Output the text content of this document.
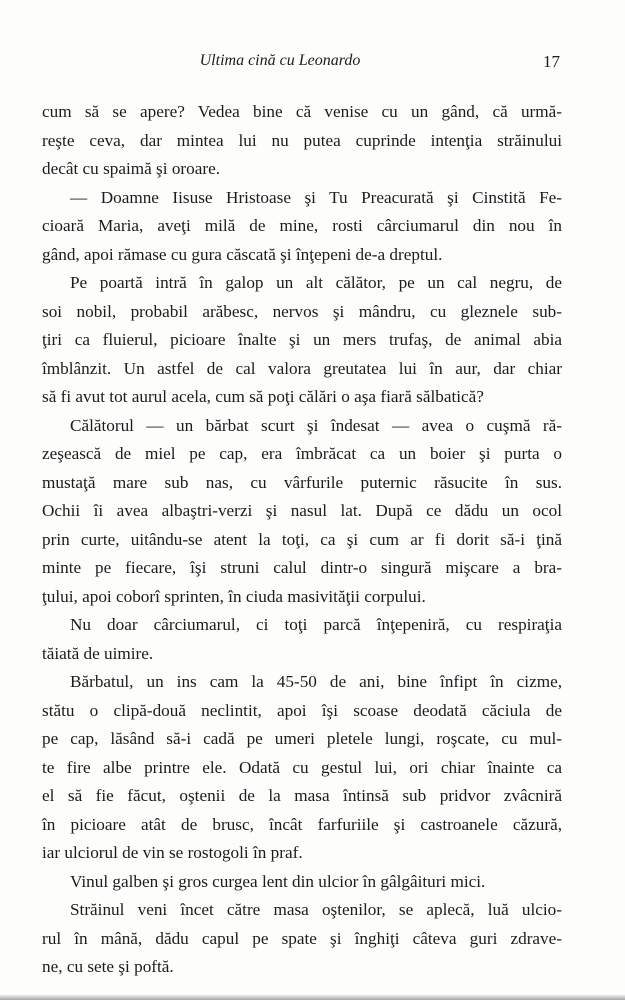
Ultima cină cu Leonardo	17
cum să se apere? Vedea bine că venise cu un gând, că urmă-
reşte ceva, dar mintea lui nu putea cuprinde intenţia străinului
decât cu spaimă şi oroare.
— Doamne Iisuse Hristoase şi Tu Preacurată şi Cinstită Fe-
cioară Maria, aveţi milă de mine, rosti cârciumarul din nou în
gând, apoi rămase cu gura căscată şi înţepeni de-a dreptul.
Pe poartă intră în galop un alt călător, pe un cal negru, de
soi nobil, probabil arăbesc, nervos şi mândru, cu gleznele sub-
ţiri ca fluierul, picioare înalte şi un mers trufaş, de animal abia
îmblânzit. Un astfel de cal valora greutatea lui în aur, dar chiar
să fi avut tot aurul acela, cum să poţi călări o aşa fiară sălbatică?
Călătorul — un bărbat scurt şi îndesat — avea o cuşmă ră-
zeşească de miel pe cap, era îmbrăcat ca un boier şi purta o
mustaţă mare sub nas, cu vârfurile puternic răsucite în sus.
Ochii îi avea albaştri-verzi şi nasul lat. După ce dădu un ocol
prin curte, uitându-se atent la toţi, ca şi cum ar fi dorit să-i ţină
minte pe fiecare, îşi struni calul dintr-o singură mişcare a bra-
ţului, apoi coborî sprinten, în ciuda masivităţii corpului.
Nu doar cârciumarul, ci toţi parcă înţepeniră, cu respiraţia
tăiată de uimire.
Bărbatul, un ins cam la 45-50 de ani, bine înfipt în cizme,
stătu o clipă-două neclintit, apoi îşi scoase deodată căciula de
pe cap, lăsând să-i cadă pe umeri pletele lungi, roşcate, cu mul-
te fire albe printre ele. Odată cu gestul lui, ori chiar înainte ca
el să fie făcut, oştenii de la masa întinsă sub pridvor zvâcniră
în picioare atât de brusc, încât farfuriile şi castroanele căzură,
iar ulciorul de vin se rostogoli în praf.
Vinul galben şi gros curgea lent din ulcior în gâlgâituri mici.
Străinul veni încet către masa oştenilor, se aplecă, luă ulcio-
rul în mână, dădu capul pe spate şi înghiţi câteva guri zdrave-
ne, cu sete şi poftă.
